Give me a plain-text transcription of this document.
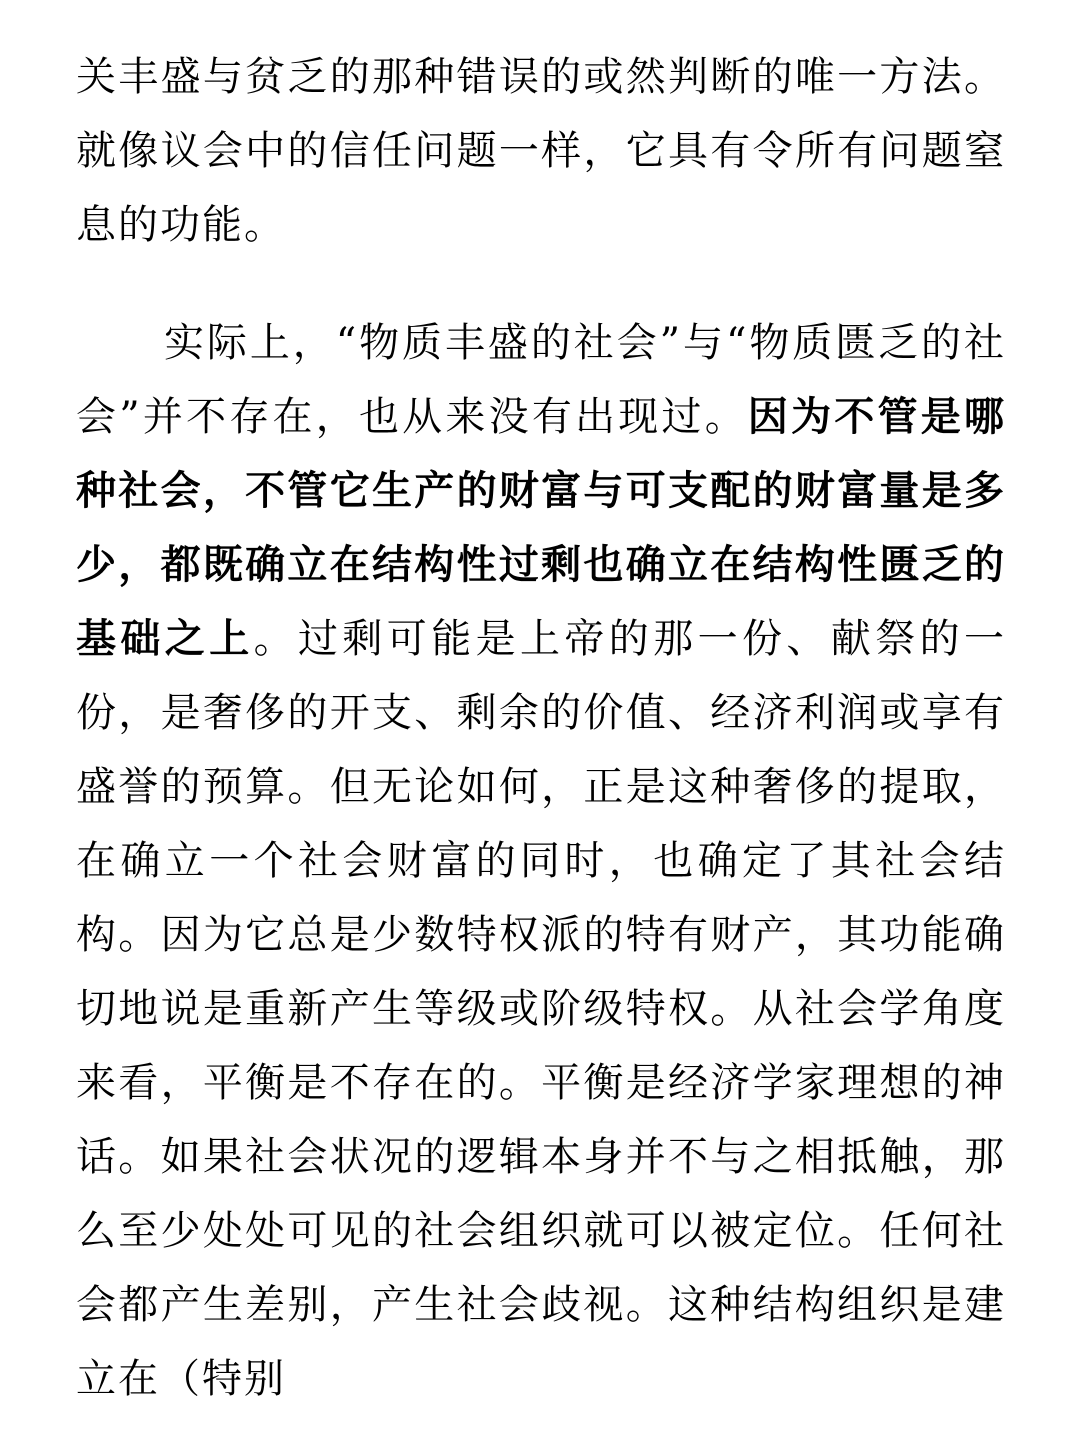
关丰盛与贫乏的那种错误的或然判断的唯一方法。就像议会中的信任问题一样，它具有令所有问题窒息的功能。

实际上，“物质丰盛的社会”与“物质匮乏的社会”并不存在，也从来没有出现过。因为不管是哪种社会，不管它生产的财富与可支配的财富量是多少，都既确立在结构性过剩也确立在结构性匮乏的基础之上。过剩可能是上帝的那一份、献祭的一份，是奢侈的开支、剩余的价值、经济利润或享有盛誉的预算。但无论如何，正是这种奢侈的提取，在确立一个社会财富的同时，也确定了其社会结构。因为它总是少数特权派的特有财产，其功能确切地说是重新产生等级或阶级特权。从社会学角度来看，平衡是不存在的。平衡是经济学家理想的神话。如果社会状况的逻辑本身并不与之相抵触，那么至少处处可见的社会组织就可以被定位。任何社会都产生差别，产生社会歧视。这种结构组织是建立在（特别
